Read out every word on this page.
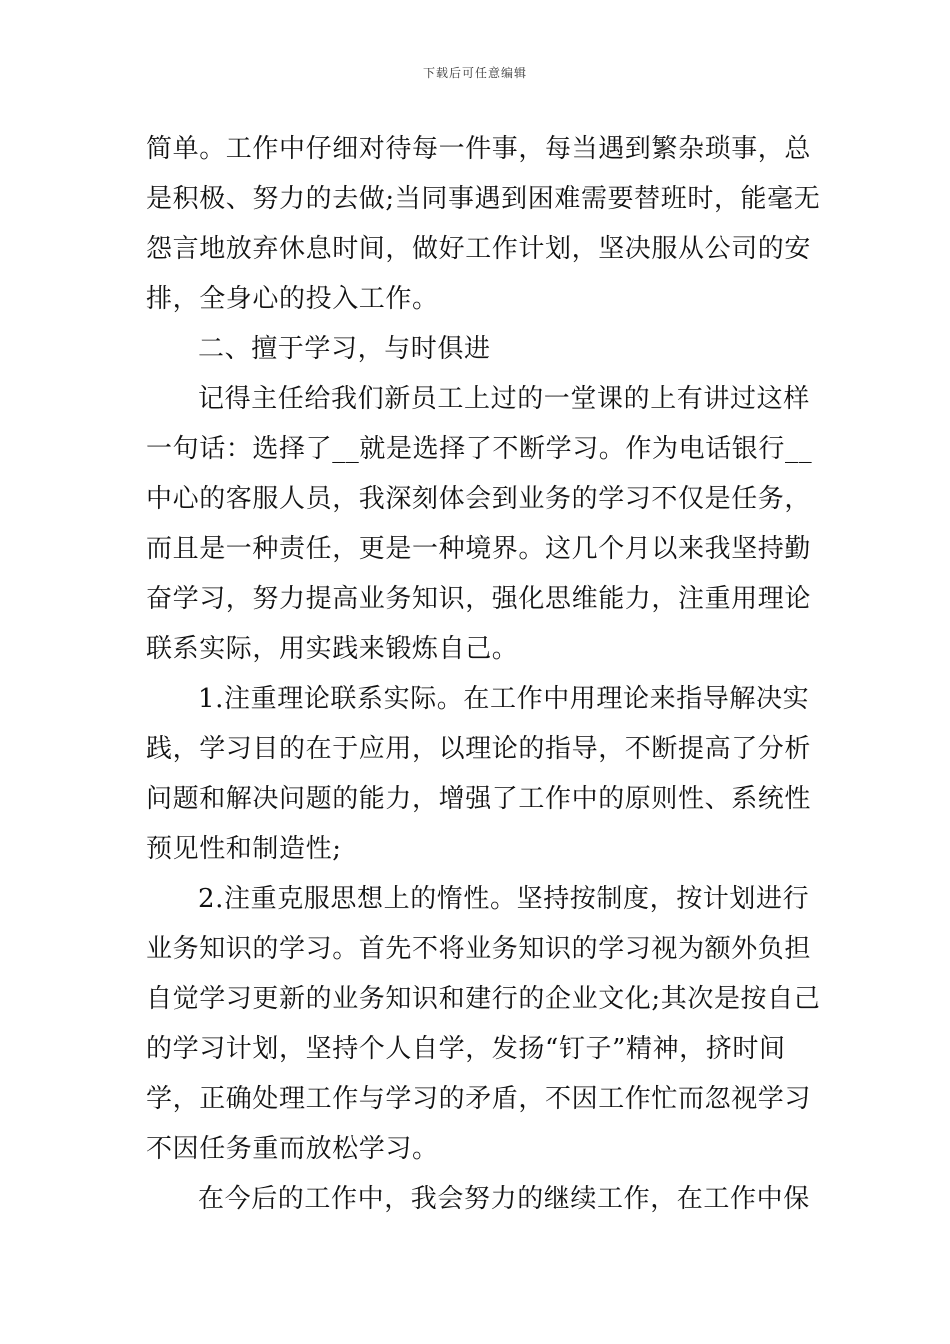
下载后可任意编辑
简单。工作中仔细对待每一件事，每当遇到繁杂琐事，总
是积极、努力的去做;当同事遇到困难需要替班时，能毫无
怨言地放弃休息时间，做好工作计划，坚决服从公司的安
排，全身心的投入工作。
二、擅于学习，与时俱进
记得主任给我们新员工上过的一堂课的上有讲过这样
一句话：选择了__就是选择了不断学习。作为电话银行__
中心的客服人员，我深刻体会到业务的学习不仅是任务，
而且是一种责任，更是一种境界。这几个月以来我坚持勤
奋学习，努力提高业务知识，强化思维能力，注重用理论
联系实际，用实践来锻炼自己。
1.注重理论联系实际。在工作中用理论来指导解决实
践，学习目的在于应用，以理论的指导，不断提高了分析
问题和解决问题的能力，增强了工作中的原则性、系统性
预见性和制造性;
2.注重克服思想上的惰性。坚持按制度，按计划进行
业务知识的学习。首先不将业务知识的学习视为额外负担
自觉学习更新的业务知识和建行的企业文化;其次是按自己
的学习计划，坚持个人自学，发扬“钉子”精神，挤时间
学，正确处理工作与学习的矛盾，不因工作忙而忽视学习
不因任务重而放松学习。
在今后的工作中，我会努力的继续工作，在工作中保
